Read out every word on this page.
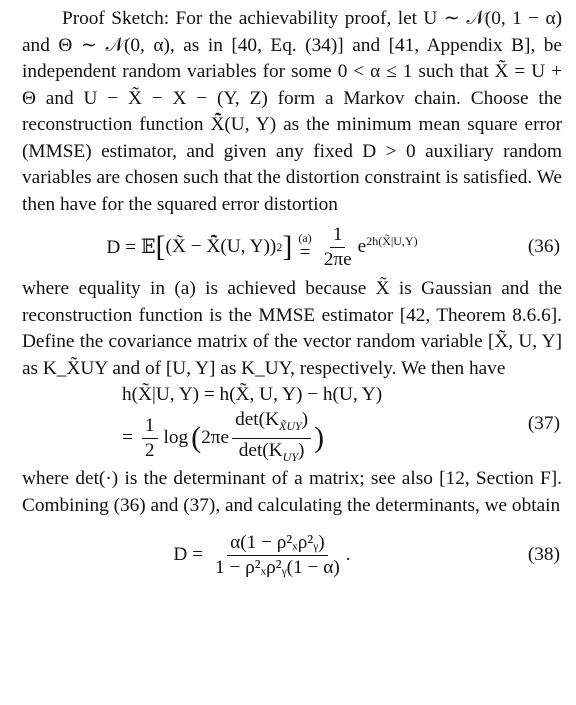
Proof Sketch: For the achievability proof, let U ∼ 𝒩(0, 1 − α) and Θ ∼ 𝒩(0, α), as in [40, Eq. (34)] and [41, Appendix B], be independent random variables for some 0 < α ≤ 1 such that X̃ = U + Θ and U − X̃ − X − (Y, Z) form a Markov chain. Choose the reconstruction function X̃̂(U, Y) as the minimum mean square error (MMSE) estimator, and given any fixed D > 0 auxiliary random variables are chosen such that the distortion constraint is satisfied. We then have for the squared error distortion

D = 𝔼 [ (X̃ − X̃̂(U, Y)) 2 ] (a)
= $\frac{1}{2\pi e} e^{2h(X̃|U,Y)}$	(36)

where equality in (a) is achieved because X̃ is Gaussian and the reconstruction function is the MMSE estimator [42, Theorem 8.6.6]. Define the covariance matrix of the vector random variable [X̃, U, Y] as K_X̃UY and of [U, Y] as K_UY, respectively. We then have

h(X̃|U, Y) = h(X̃, U, Y) − h(U, Y)
= $\frac{1}{2}$ log ( $2\pi e \frac{\det(K_{X̃UY})}{\det(K_{UY})}$ )	(37)

where det(·) is the determinant of a matrix; see also [12, Section F]. Combining (36) and (37), and calculating the determinants, we obtain

$D = \frac{\text{α(1 − ρ²ₓρ²ᵧ)}}{\text{1 − ρ²ₓρ²ᵧ(1 − α)}}$ .	(38)
